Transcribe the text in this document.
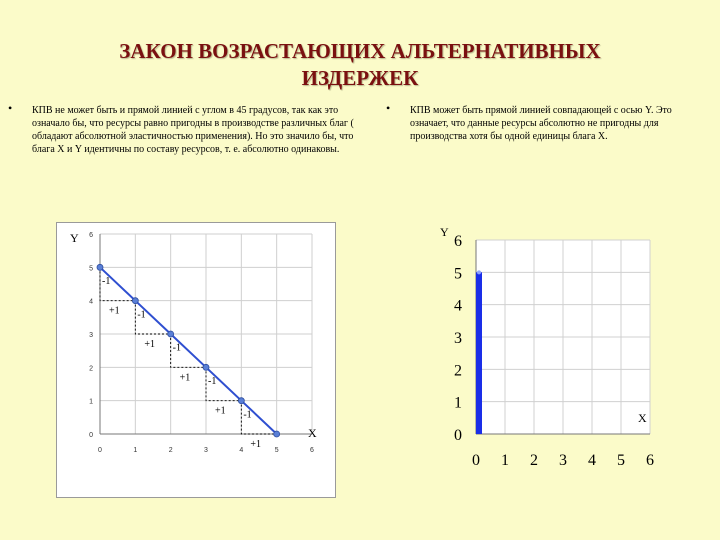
ЗАКОН ВОЗРАСТАЮЩИХ АЛЬТЕРНАТИВНЫХ
ИЗДЕРЖЕК
• КПВ не может быть и прямой линией с углом в 45 градусов, так как это означало бы, что ресурсы равно пригодны в производстве различных благ ( обладают абсолютной эластичностью применения). Но это значило бы, что блага X и Y идентичны по составу ресурсов, т. е. абсолютно одинаковы.
• КПВ может быть прямой линией совпадающей с осью Y. Это означает, что данные ресурсы абсолютно не пригодны для производства хотя бы одной единицы блага X.
0	1	2	3	4	5	6
0
1
2
3
4
5
6
Y
X
-1
+1 -1
+1 -1
+1 -1
+1 -1
+1
0 1 2 3 4 5 6
0
1
2
3
4
5
6
Y
X
